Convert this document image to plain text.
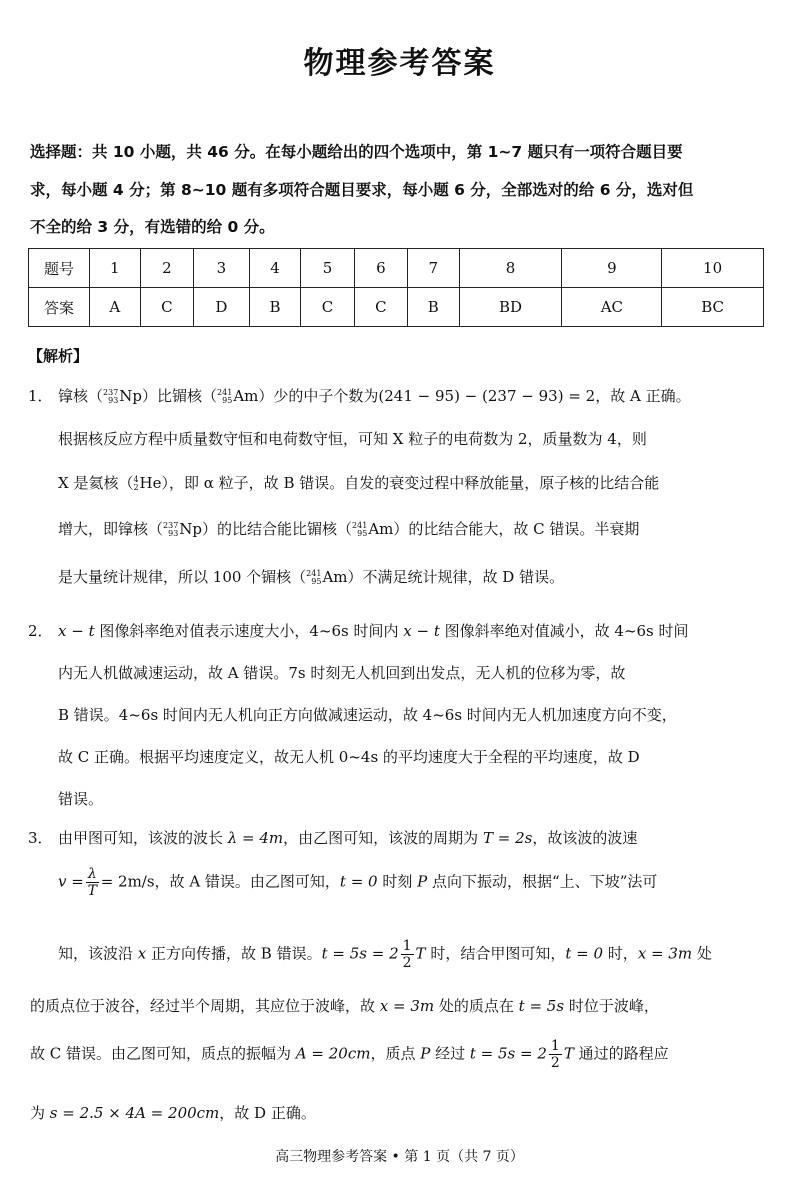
物理参考答案

选择题：共 10 小题，共 46 分。在每小题给出的四个选项中，第 1~7 题只有一项符合题目要

求，每小题 4 分；第 8~10 题有多项符合题目要求，每小题 6 分，全部选对的给 6 分，选对但

不全的给 3 分，有选错的给 0 分。

题号	1	2	3	4	5	6	7	8	9	10
答案	A	C	D	B	C	C	B	BD	AC	BC
【解析】
1． 镎核（ 237
93 Np）比镅核（ 241
95 Am）少的中子个数为(241 − 95) − (237 − 93) = 2，故 A 正确。
根据核反应方程中质量数守恒和电荷数守恒，可知 X 粒子的电荷数为 2，质量数为 4，则
X 是氦核（ 4
2 He），即 α 粒子，故 B 错误。自发的衰变过程中释放能量，原子核的比结合能
增大，即镎核（ 237
93 Np）的比结合能比镅核（ 241
95 Am）的比结合能大，故 C 错误。半衰期
是大量统计规律，所以 100 个镅核（ 241
95 Am）不满足统计规律，故 D 错误。
2． x − t 图像斜率绝对值表示速度大小，4~6s 时间内 x − t 图像斜率绝对值减小，故 4~6s 时间
内无人机做减速运动，故 A 错误。7s 时刻无人机回到出发点，无人机的位移为零，故
B 错误。4~6s 时间内无人机向正方向做减速运动，故 4~6s 时间内无人机加速度方向不变，
故 C 正确。根据平均速度定义，故无人机 0~4s 的平均速度大于全程的平均速度，故 D
错误。
3． 由甲图可知，该波的波长 λ = 4m，由乙图可知，该波的周期为 T = 2s，故该波的波速
$v = \frac{\lambda}{T} = 2m/s$，故 A 错误。由乙图可知，t = 0 时刻 P 点向下振动，根据“上、下坡”法可
知，该波沿 x 正方向传播，故 B 错误。$t = 5s = 2 \frac{1}{2}$ T 时，结合甲图可知，t = 0 时，x = 3m 处
的质点位于波谷，经过半个周期，其应位于波峰，故 x = 3m 处的质点在 t = 5s 时位于波峰，
故 C 错误。由乙图可知，质点的振幅为 A = 20cm，质点 P 经过 $t = 5s = 2 \frac{1}{2}$ T 通过的路程应
为 s = 2.5 × 4A = 200cm，故 D 正确。
高三物理参考答案 • 第 1 页（共 7 页）
